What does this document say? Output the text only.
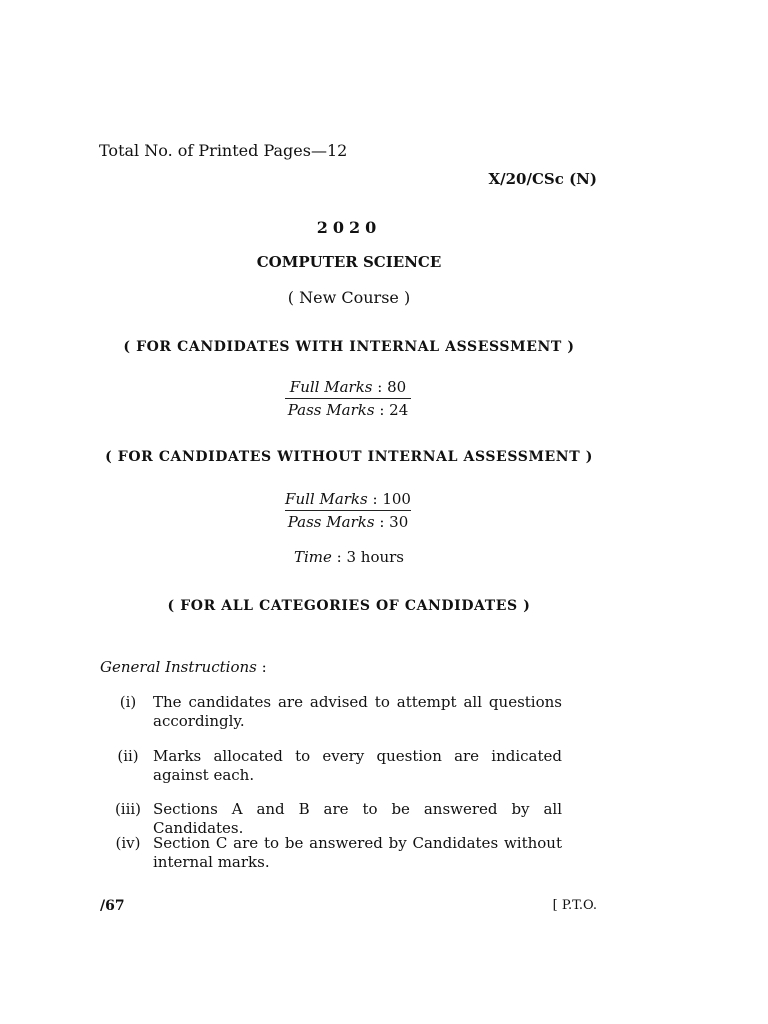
Total No. of Printed Pages—12
X/20/CSc (N)
2020
COMPUTER SCIENCE
( New Course )
( FOR CANDIDATES WITH INTERNAL ASSESSMENT )
Full Marks : 80
Pass Marks : 24
( FOR CANDIDATES WITHOUT INTERNAL ASSESSMENT )
Full Marks : 100
Pass Marks : 30
Time : 3 hours
( FOR ALL CATEGORIES OF CANDIDATES )
General Instructions :
(i)	The candidates are advised to attempt all questions accordingly.
(ii) Marks allocated to every question are indicated against each.
(iii) Sections A and B are to be answered by all Candidates.
(iv) Section C are to be answered by Candidates without internal marks.
/67	[ P.T.O.
